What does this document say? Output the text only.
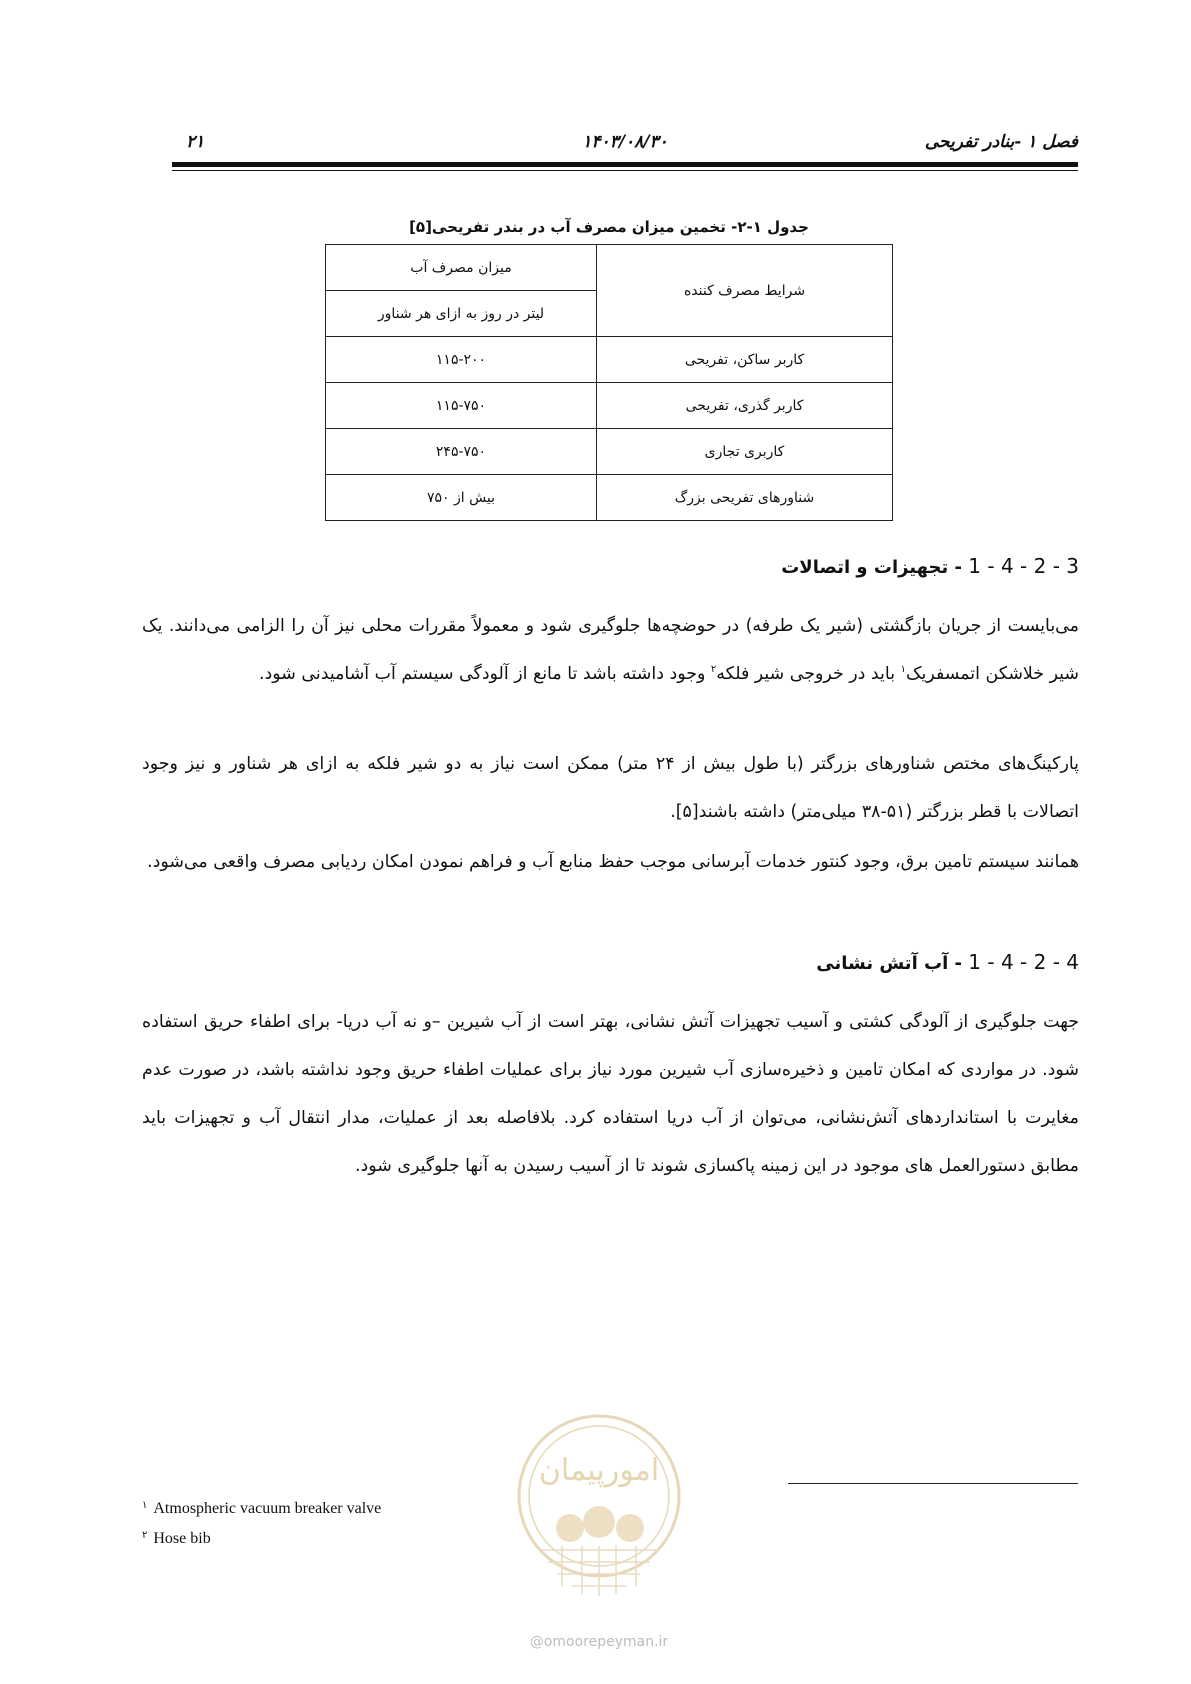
۲۱	۱۴۰۳/۰۸/۳۰	فصل ۱ -بنادر تفریحی
جدول ۱-۲- تخمین میزان مصرف آب در بندر تفریحی[۵]
شرایط مصرف کننده	میزان مصرف آب
	لیتر در روز به ازای هر شناور
کاربر ساکن، تفریحی	۱۱۵-۲۰۰
کاربر گذری، تفریحی	۱۱۵-۷۵۰
کاربری تجاری	۲۴۵-۷۵۰
شناورهای تفریحی بزرگ	بیش از ۷۵۰
1 - 4 - 2 - 3 - تجهیزات و اتصالات
می‌بایست از جریان بازگشتی (شیر یک طرفه) در حوضچه‌ها جلوگیری شود و معمولاً مقررات محلی نیز آن را الزامی می‌دانند. یک شیر خلاشکن اتمسفریک$^۱$ باید در خروجی شیر فلکه$^۲$ وجود داشته باشد تا مانع از آلودگی سیستم آب آشامیدنی شود.
پارکینگ‌های مختص شناورهای بزرگتر (با طول بیش از ۲۴ متر) ممکن است نیاز به دو شیر فلکه به ازای هر شناور و نیز وجود اتصالات با قطر بزرگتر (۵۱-۳۸ میلی‌متر) داشته باشند[۵].
همانند سیستم تامین برق، وجود کنتور خدمات آبرسانی موجب حفظ منابع آب و فراهم نمودن امکان ردیابی مصرف واقعی می‌شود.
1 - 4 - 2 - 4 - آب آتش نشانی
جهت جلوگیری از آلودگی کشتی و آسیب تجهیزات آتش نشانی، بهتر است از آب شیرین –و نه آب دریا- برای اطفاء حریق استفاده شود. در مواردی که امکان تامین و ذخیره‌سازی آب شیرین مورد نیاز برای عملیات اطفاء حریق وجود نداشته باشد، در صورت عدم مغایرت با استانداردهای آتش‌نشانی، می‌توان از آب دریا استفاده کرد. بلافاصله بعد از عملیات، مدار انتقال آب و تجهیزات باید مطابق دستورالعمل های موجود در این زمینه پاکسازی شوند تا از آسیب رسیدن به آنها جلوگیری شود.
$^۱$ Atmospheric vacuum breaker valve
$^۲$ Hose bib
امورپیمان
@omoorepeyman.ir
